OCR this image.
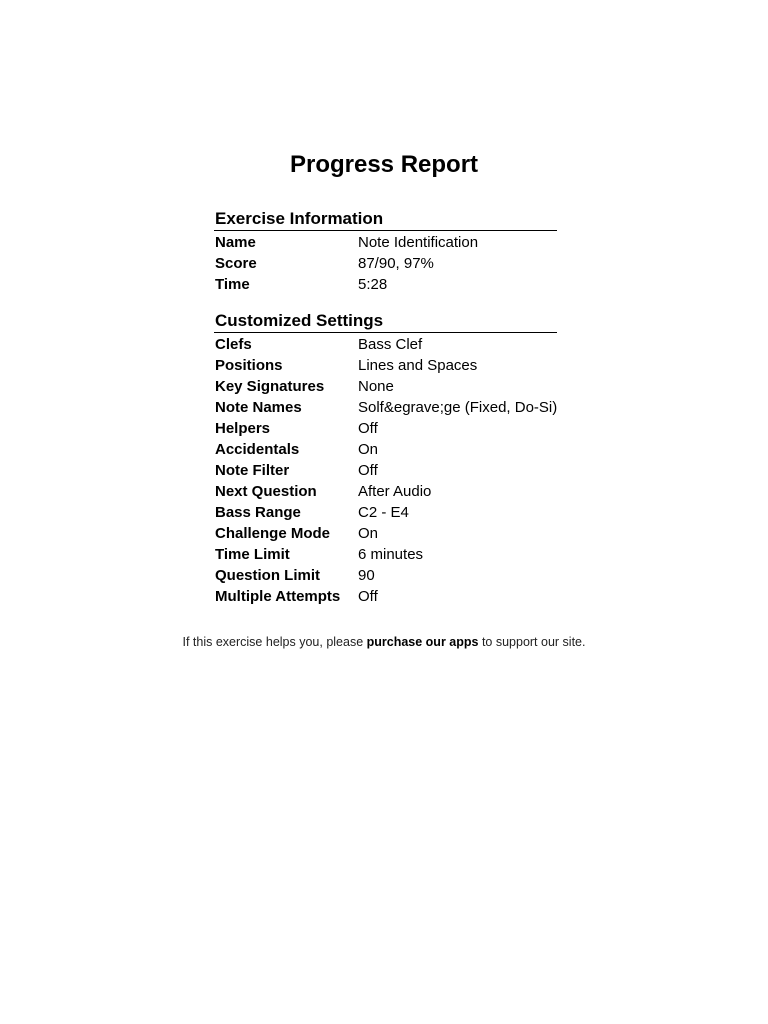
Progress Report
Exercise Information
Name	Note Identification
Score	87/90, 97%
Time	5:28
Customized Settings
Clefs	Bass Clef
Positions	Lines and Spaces
Key Signatures	None
Note Names	Solf&egrave;ge (Fixed, Do-Si)
Helpers	Off
Accidentals	On
Note Filter	Off
Next Question	After Audio
Bass Range	C2 - E4
Challenge Mode	On
Time Limit	6 minutes
Question Limit	90
Multiple Attempts	Off
If this exercise helps you, please purchase our apps to support our site.
